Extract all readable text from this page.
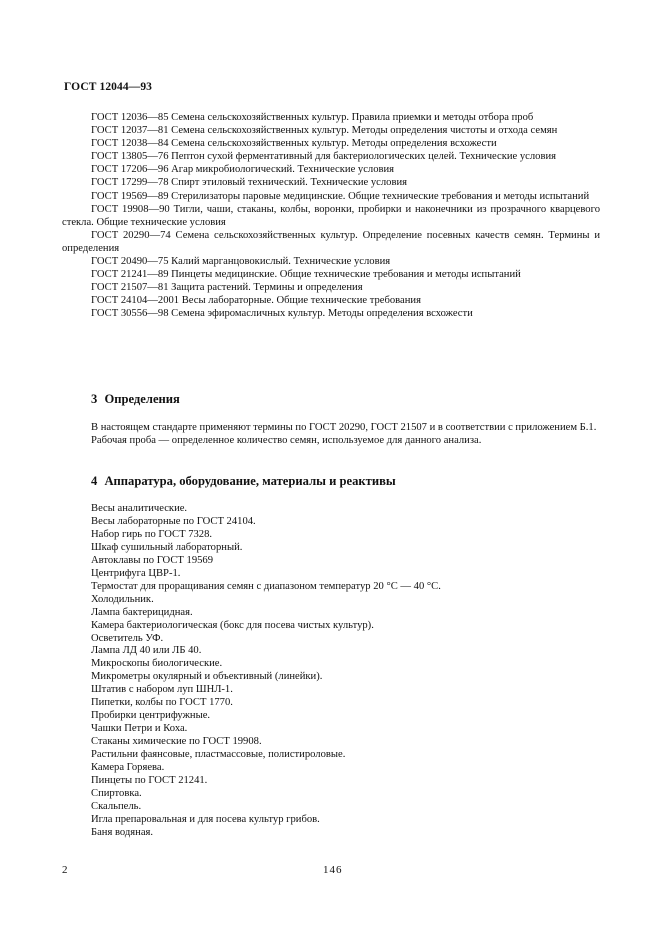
ГОСТ 12044—93

ГОСТ 12036—85 Семена сельскохозяйственных культур. Правила приемки и методы отбора проб

ГОСТ 12037—81 Семена сельскохозяйственных культур. Методы определения чистоты и отхода семян

ГОСТ 12038—84 Семена сельскохозяйственных культур. Методы определения всхожести

ГОСТ 13805—76 Пептон сухой ферментативный для бактериологических целей. Технические условия

ГОСТ 17206—96 Агар микробиологический. Технические условия

ГОСТ 17299—78 Спирт этиловый технический. Технические условия

ГОСТ 19569—89 Стерилизаторы паровые медицинские. Общие технические требования и методы испытаний

ГОСТ 19908—90 Тигли, чаши, стаканы, колбы, воронки, пробирки и наконечники из прозрачного кварцевого стекла. Общие технические условия

ГОСТ 20290—74 Семена сельскохозяйственных культур. Определение посевных качеств семян. Термины и определения

ГОСТ 20490—75 Калий марганцовокислый. Технические условия

ГОСТ 21241—89 Пинцеты медицинские. Общие технические требования и методы испытаний

ГОСТ 21507—81 Защита растений. Термины и определения

ГОСТ 24104—2001 Весы лабораторные. Общие технические требования

ГОСТ 30556—98 Семена эфиромасличных культур. Методы определения всхожести

3 Определения

В настоящем стандарте применяют термины по ГОСТ 20290, ГОСТ 21507 и в соответствии с приложением Б.1.

Рабочая проба — определенное количество семян, используемое для данного анализа.

4 Аппаратура, оборудование, материалы и реактивы
Весы аналитические.
Весы лабораторные по ГОСТ 24104.
Набор гирь по ГОСТ 7328.
Шкаф сушильный лабораторный.
Автоклавы по ГОСТ 19569
Центрифуга ЦВР-1.
Термостат для проращивания семян с диапазоном температур 20 °С — 40 °С.
Холодильник.
Лампа бактерицидная.
Камера бактериологическая (бокс для посева чистых культур).
Осветитель УФ.
Лампа ЛД 40 или ЛБ 40.
Микроскопы биологические.
Микрометры окулярный и объективный (линейки).
Штатив с набором луп ШНЛ-1.
Пипетки, колбы по ГОСТ 1770.
Пробирки центрифужные.
Чашки Петри и Коха.
Стаканы химические по ГОСТ 19908.
Растильни фаянсовые, пластмассовые, полистироловые.
Камера Горяева.
Пинцеты по ГОСТ 21241.
Спиртовка.
Скальпель.
Игла препаровальная и для посева культур грибов.
Баня водяная.
2	146
